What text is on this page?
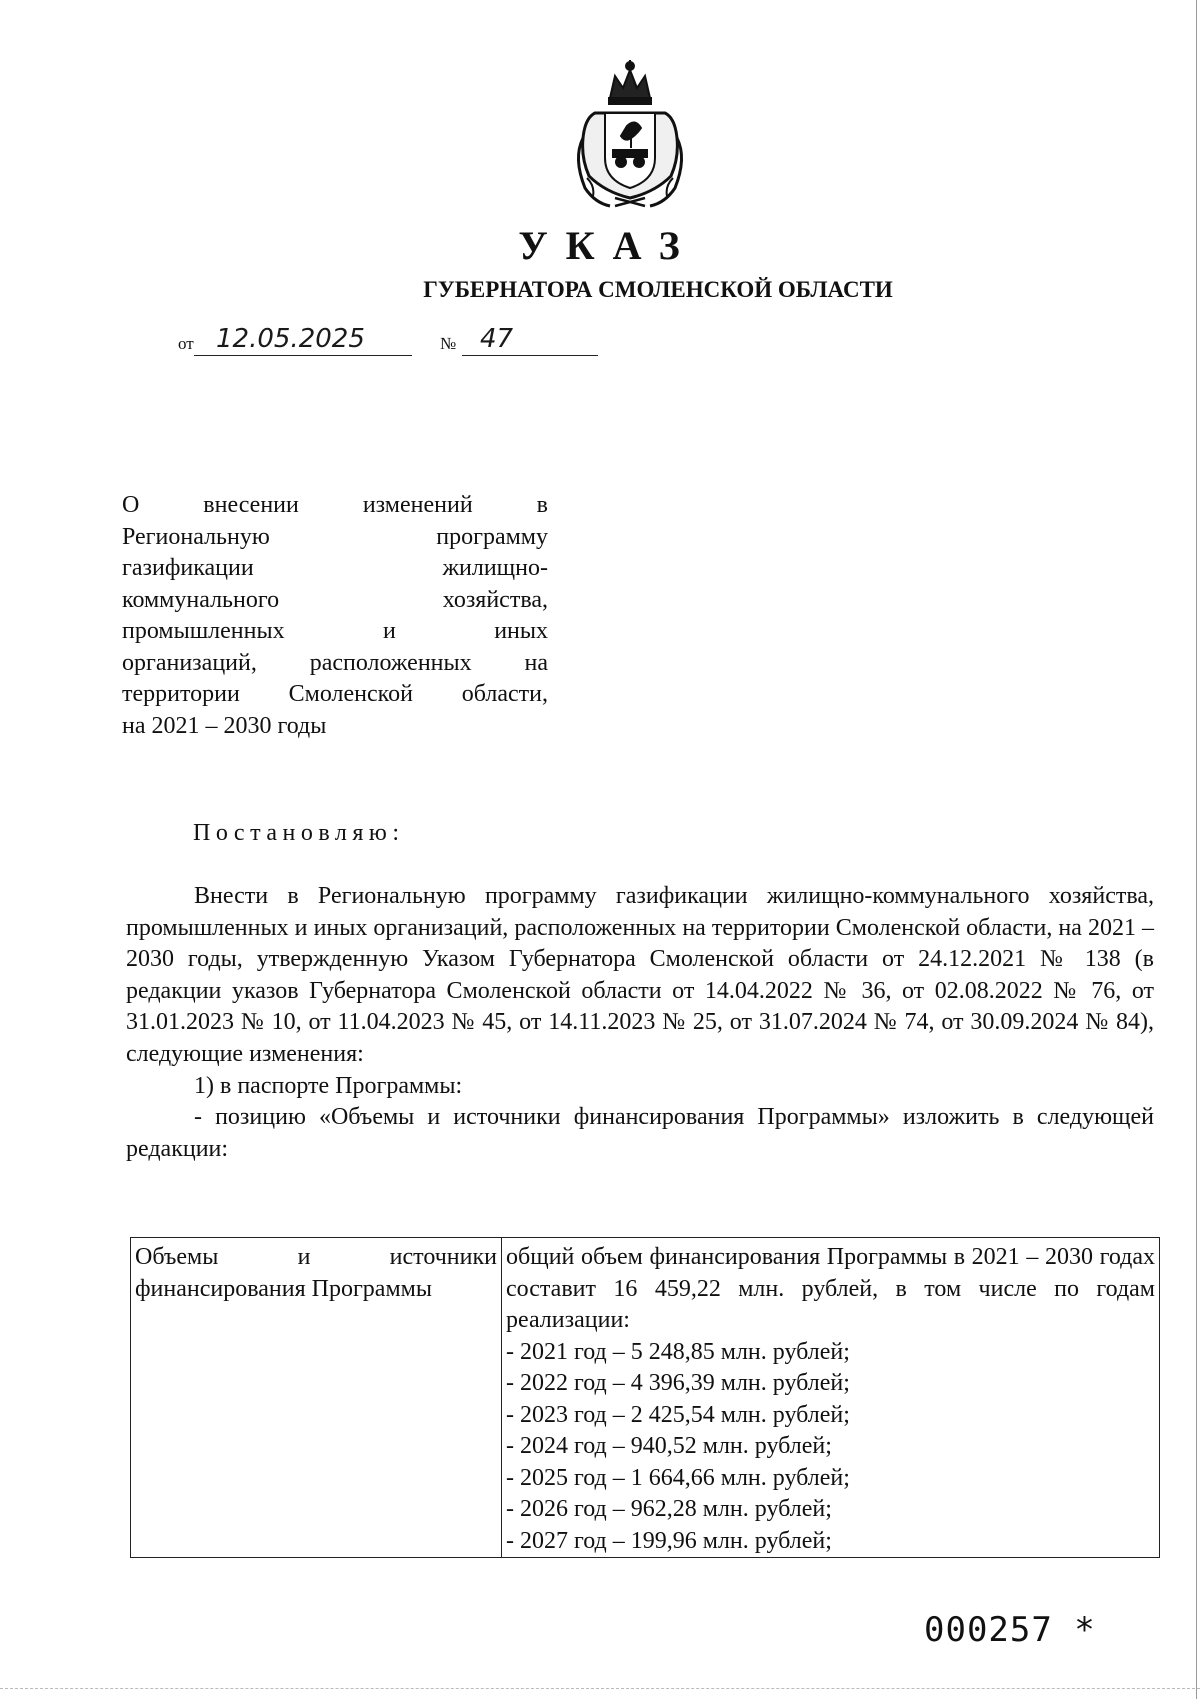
УКАЗ
ГУБЕРНАТОРА СМОЛЕНСКОЙ ОБЛАСТИ
от 12.05.2025	№ 47
О	внесении	изменений	в
Региональную	программу
газификации	жилищно-
коммунального	хозяйства,
промышленных	и	иных
организаций, расположенных на
территории Смоленской области,
на 2021 – 2030 годы
Постановляю:

Внести в Региональную программу газификации жилищно-коммунального хозяйства, промышленных и иных организаций, расположенных на территории Смоленской области, на 2021 – 2030 годы, утвержденную Указом Губернатора Смоленской области от 24.12.2021 № 138 (в редакции указов Губернатора Смоленской области от 14.04.2022 № 36, от 02.08.2022 № 76, от 31.01.2023 № 10, от 11.04.2023 № 45, от 14.11.2023 № 25, от 31.07.2024 № 74, от 30.09.2024 № 84), следующие изменения:

1) в паспорте Программы:

- позицию «Объемы и источники финансирования Программы» изложить в следующей редакции:

Объемы	и	источники
финансирования Программы

общий объем финансирования Программы в 2021 – 2030 годах составит 16 459,22 млн. рублей, в том числе по годам реализации:
- 2021 год – 5 248,85 млн. рублей;
- 2022 год – 4 396,39 млн. рублей;
- 2023 год – 2 425,54 млн. рублей;
- 2024 год – 940,52 млн. рублей;
- 2025 год – 1 664,66 млн. рублей;
- 2026 год – 962,28 млн. рублей;
- 2027 год – 199,96 млн. рублей;
000257 *
